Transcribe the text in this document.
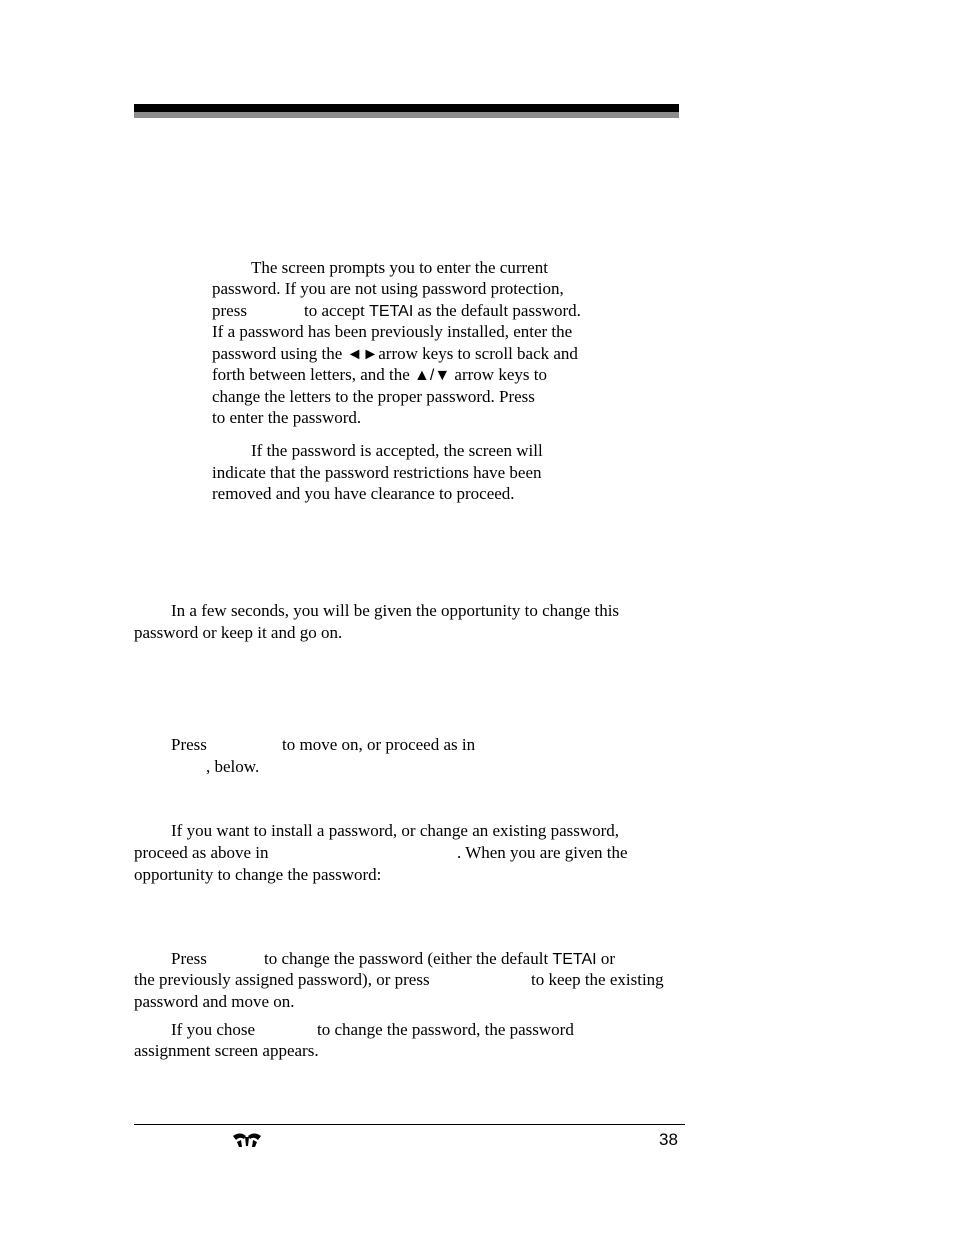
The screen prompts you to enter the current
password. If you are not using password protection,
press	to accept TETAI as the default password.
If a password has been previously installed, enter the
password using the ◄►arrow keys to scroll back and
forth between letters, and the ▲/▼ arrow keys to
change the letters to the proper password. Press
to enter the password.
If the password is accepted, the screen will
indicate that the password restrictions have been
removed and you have clearance to proceed.
In a few seconds, you will be given the opportunity to change this
password or keep it and go on.
Press	to move on, or proceed as in
, below.
If you want to install a password, or change an existing password,
proceed as above in	. When you are given the
opportunity to change the password:
Press	to change the password (either the default TETAI or
the previously assigned password), or press	to keep the existing
password and move on.
If you chose	to change the password, the password
assignment screen appears.
38
